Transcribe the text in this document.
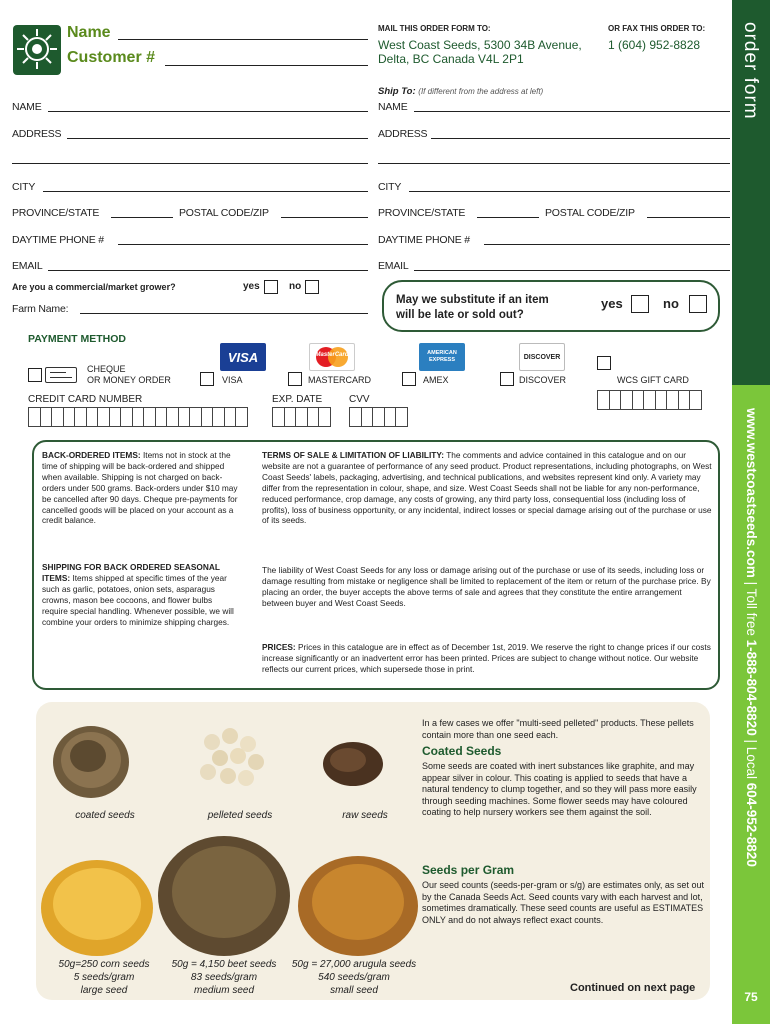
order form
www.westcoastseeds.com | Toll free 1-888-804-8820 | Local 604-952-8820
75
Name
Customer #
MAIL THIS ORDER FORM TO:
West Coast Seeds, 5300 34B Avenue,
Delta, BC Canada V4L 2P1
OR FAX THIS ORDER TO:
1 (604) 952-8828
Ship To: (If different from the address at left)
NAME
ADDRESS
CITY
PROVINCE/STATE	POSTAL CODE/ZIP
DAYTIME PHONE #
EMAIL
Are you a commercial/market grower?	yes	no
Farm Name:
NAME
ADDRESS
CITY
PROVINCE/STATE	POSTAL CODE/ZIP
DAYTIME PHONE #
EMAIL
May we substitute if an item
will be late or sold out?
yes	no
PAYMENT METHOD
VISA	MasterCard	AMERICAN EXPRESS	DISCOVER
CHEQUE
OR MONEY ORDER	VISA	MASTERCARD	AMEX	DISCOVER	WCS GIFT CARD
CREDIT CARD NUMBER	EXP. DATE	CVV
BACK-ORDERED ITEMS: Items not in stock at the time of shipping will be back-ordered and shipped when available. Shipping is not charged on back-orders under 500 grams. Back-orders under $10 may be cancelled after 90 days. Cheque pre-payments for cancelled goods will be placed on your account as a credit balance.
SHIPPING FOR BACK ORDERED SEASONAL ITEMS: Items shipped at specific times of the year such as garlic, potatoes, onion sets, asparagus crowns, mason bee cocoons, and flower bulbs require special handling. Whenever possible, we will combine your orders to minimize shipping charges.
TERMS OF SALE & LIMITATION OF LIABILITY: The comments and advice contained in this catalogue and on our website are not a guarantee of performance of any seed product. Product representations, including photographs, on West Coast Seeds' labels, packaging, advertising, and technical publications, and websites represent kind only. A variety may differ from the representation in colour, shape, and size. West Coast Seeds shall not be liable for any non-performance, reduced performance, crop damage, any costs of growing, any third party loss, consequential loss (including loss of profits), loss of business opportunity, or any incidental, indirect losses or special damage arising out of the purchase or use of its seeds.
The liability of West Coast Seeds for any loss or damage arising out of the purchase or use of its seeds, including loss or damage resulting from mistake or negligence shall be limited to replacement of the item or return of the purchase price. By placing an order, the buyer accepts the above terms of sale and agrees that they constitute the entire arrangement between buyer and West Coast Seeds.
PRICES: Prices in this catalogue are in effect as of December 1st, 2019. We reserve the right to change prices if our costs increase significantly or an inadvertent error has been printed. Prices are subject to change without notice. Our website reflects our current prices, which supersede those in print.
coated seeds	pelleted seeds	raw seeds
50g=250 corn seeds
5 seeds/gram
large seed
50g = 4,150 beet seeds
83 seeds/gram
medium seed
50g = 27,000 arugula seeds
540 seeds/gram
small seed
In a few cases we offer "multi-seed pelleted" products. These pellets contain more than one seed each.
Coated Seeds
Some seeds are coated with inert substances like graphite, and may appear silver in colour. This coating is applied to seeds that have a natural tendency to clump together, and so they will pass more easily through seeding machines. Some flower seeds may have coloured coating to help nursery workers see them against the soil.
Seeds per Gram
Our seed counts (seeds-per-gram or s/g) are estimates only, as set out by the Canada Seeds Act. Seed counts vary with each harvest and lot, sometimes dramatically. These seed counts are useful as ESTIMATES ONLY and do not always reflect exact counts.
Continued on next page
